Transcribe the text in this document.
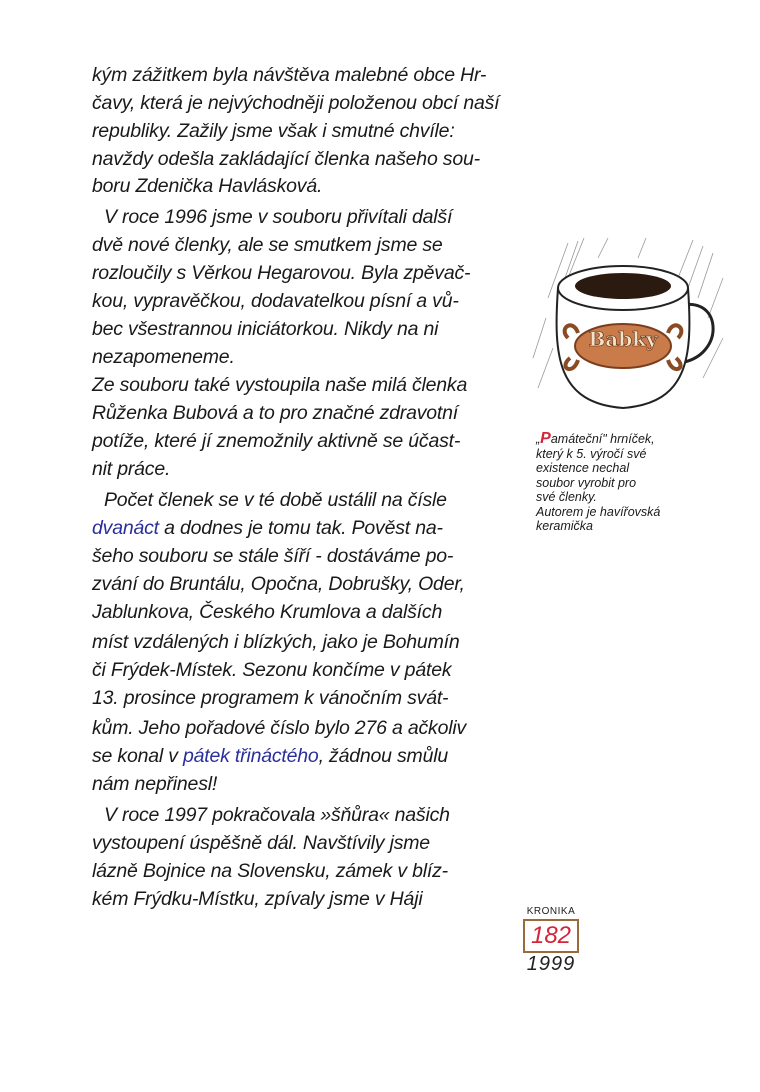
kým zážitkem byla návštěva malebné obce Hr-
čavy, která je nejvýchodněji položenou obcí naší
republiky. Zažily jsme však i smutné chvíle:
navždy odešla zakládající členka našeho sou-
boru Zdenička Havlásková.
V roce 1996 jsme v souboru přivítali další
dvě nové členky, ale se smutkem jsme se
rozloučily s Věrkou Hegarovou. Byla zpěvač-
kou, vypravěčkou, dodavatelkou písní a vů-
bec všestrannou iniciátorkou. Nikdy na ni
nezapomeneme.
Ze souboru také vystoupila naše milá členka
Růženka Bubová a to pro značné zdravotní
potíže, které jí znemožnily aktivně se účast-
nit práce.
Počet členek se v té době ustálil na čísle
dvanáct a dodnes je tomu tak. Pověst na-
šeho souboru se stále šíří - dostáváme po-
zvání do Bruntálu, Opočna, Dobrušky, Oder,
Jablunkova, Českého Krumlova a dalších
míst vzdálených i blízkých, jako je Bohumín
či Frýdek-Místek. Sezonu končíme v pátek
13. prosince programem k vánočním svát-
kům. Jeho pořadové číslo bylo 276 a ačkoliv
se konal v pátek třináctého, žádnou smůlu
nám nepřinesl!
V roce 1997 pokračovala »šňůra« našich
vystoupení úspěšně dál. Navštívily jsme
lázně Bojnice na Slovensku, zámek v blíz-
kém Frýdku-Místku, zpívaly jsme v Háji
Babky
„Památeční" hrníček,
který k 5. výročí své
existence nechal
soubor vyrobit pro
své členky.
Autorem je havířovská
keramička
KRONIKA
182
1999
